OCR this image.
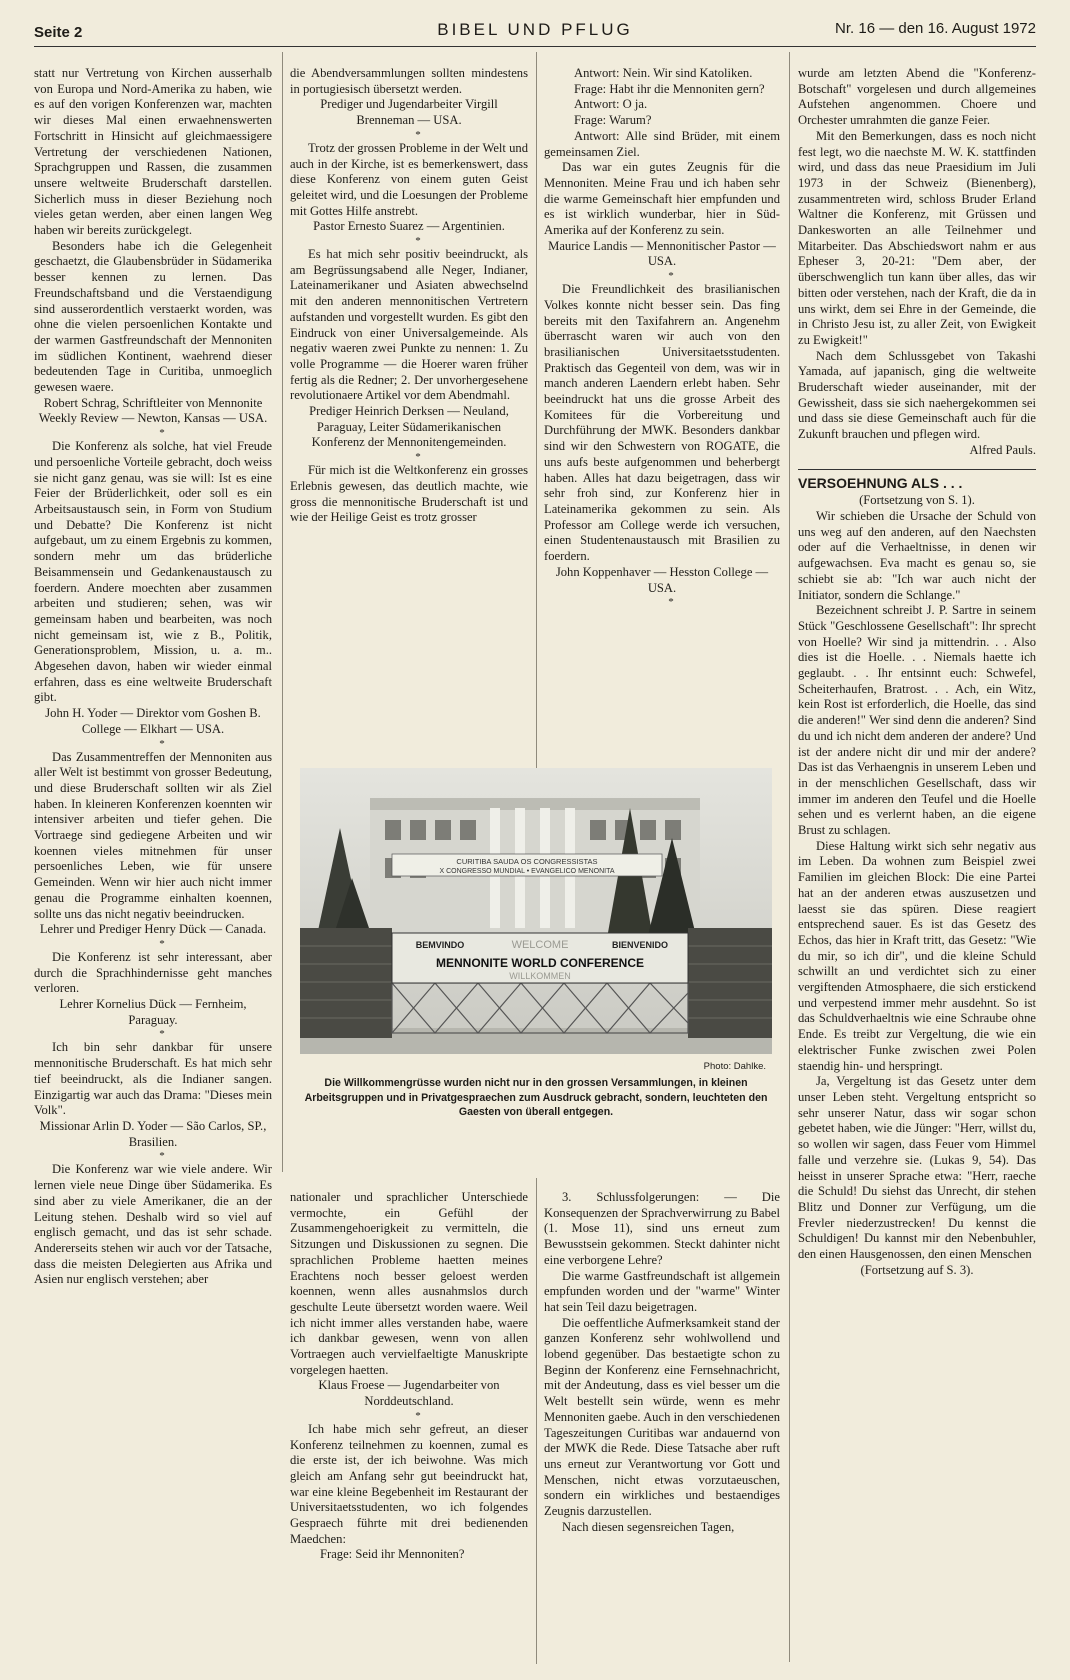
Seite 2	BIBEL UND PFLUG	Nr. 16 — den 16. August 1972

statt nur Vertretung von Kirchen ausserhalb von Europa und Nord-Amerika zu haben, wie es auf den vorigen Konferenzen war, machten wir dieses Mal einen erwaehnenswerten Fortschritt in Hinsicht auf gleichmaessigere Vertretung der verschiedenen Nationen, Sprachgruppen und Rassen, die zusammen unsere weltweite Bruderschaft darstellen. Sicherlich muss in dieser Beziehung noch vieles getan werden, aber einen langen Weg haben wir bereits zurückgelegt.

Besonders habe ich die Gelegenheit geschaetzt, die Glaubensbrüder in Südamerika besser kennen zu lernen. Das Freundschaftsband und die Verstaendigung sind ausserordentlich verstaerkt worden, was ohne die vielen persoenlichen Kontakte und der warmen Gastfreundschaft der Mennoniten im südlichen Kontinent, waehrend dieser bedeutenden Tage in Curitiba, unmoeglich gewesen waere.

Robert Schrag, Schriftleiter von Mennonite Weekly Review — Newton, Kansas — USA.

*

Die Konferenz als solche, hat viel Freude und persoenliche Vorteile gebracht, doch weiss sie nicht ganz genau, was sie will: Ist es eine Feier der Brüderlichkeit, oder soll es ein Arbeitsaustausch sein, in Form von Studium und Debatte? Die Konferenz ist nicht aufgebaut, um zu einem Ergebnis zu kommen, sondern mehr um das brüderliche Beisammensein und Gedankenaustausch zu foerdern. Andere moechten aber zusammen arbeiten und studieren; sehen, was wir gemeinsam haben und bearbeiten, was noch nicht gemeinsam ist, wie z B., Politik, Generationsproblem, Mission, u. a. m.. Abgesehen davon, haben wir wieder einmal erfahren, dass es eine weltweite Bruderschaft gibt.

John H. Yoder — Direktor vom Goshen B. College — Elkhart — USA.

*

Das Zusammentreffen der Mennoniten aus aller Welt ist bestimmt von grosser Bedeutung, und diese Bruderschaft sollten wir als Ziel haben. In kleineren Konferenzen koennten wir intensiver arbeiten und tiefer gehen. Die Vortraege sind gediegene Arbeiten und wir koennen vieles mitnehmen für unser persoenliches Leben, wie für unsere Gemeinden. Wenn wir hier auch nicht immer genau die Programme einhalten koennen, sollte uns das nicht negativ beeindrucken.

Lehrer und Prediger Henry Dück — Canada.

*

Die Konferenz ist sehr interessant, aber durch die Sprachhindernisse geht manches verloren.

Lehrer Kornelius Dück — Fernheim, Paraguay.

*

Ich bin sehr dankbar für unsere mennonitische Bruderschaft. Es hat mich sehr tief beeindruckt, als die Indianer sangen. Einzigartig war auch das Drama: "Dieses mein Volk".

Missionar Arlin D. Yoder — São Carlos, SP., Brasilien.

*

Die Konferenz war wie viele andere. Wir lernen viele neue Dinge über Südamerika. Es sind aber zu viele Amerikaner, die an der Leitung stehen. Deshalb wird so viel auf englisch gemacht, und das ist sehr schade. Andererseits stehen wir auch vor der Tatsache, dass die meisten Delegierten aus Afrika und Asien nur englisch verstehen; aber

die Abendversammlungen sollten mindestens in portugiesisch übersetzt werden.

Prediger und Jugendarbeiter Virgill Brenneman — USA.

*

Trotz der grossen Probleme in der Welt und auch in der Kirche, ist es bemerkenswert, dass diese Konferenz von einem guten Geist geleitet wird, und die Loesungen der Probleme mit Gottes Hilfe anstrebt.

Pastor Ernesto Suarez — Argentinien.

*

Es hat mich sehr positiv beeindruckt, als am Begrüssungsabend alle Neger, Indianer, Lateinamerikaner und Asiaten abwechselnd mit den anderen mennonitischen Vertretern aufstanden und vorgestellt wurden. Es gibt den Eindruck von einer Universalgemeinde. Als negativ waeren zwei Punkte zu nennen: 1. Zu volle Programme — die Hoerer waren früher fertig als die Redner; 2. Der unvorhergesehene revolutionaere Artikel vor dem Abendmahl.

Prediger Heinrich Derksen — Neuland, Paraguay, Leiter Südamerikanischen Konferenz der Mennonitengemeinden.

*

Für mich ist die Weltkonferenz ein grosses Erlebnis gewesen, das deutlich machte, wie gross die mennonitische Bruderschaft ist und wie der Heilige Geist es trotz grosser

Antwort: Nein. Wir sind Katoliken.

Frage: Habt ihr die Mennoniten gern?

Antwort: O ja.

Frage: Warum?

Antwort: Alle sind Brüder, mit einem gemeinsamen Ziel.

Das war ein gutes Zeugnis für die Mennoniten. Meine Frau und ich haben sehr die warme Gemeinschaft hier empfunden und es ist wirklich wunderbar, hier in Süd-Amerika auf der Konferenz zu sein.

Maurice Landis — Mennonitischer Pastor — USA.

*

Die Freundlichkeit des brasilianischen Volkes konnte nicht besser sein. Das fing bereits mit den Taxifahrern an. Angenehm überrascht waren wir auch von den brasilianischen Universitaetsstudenten. Praktisch das Gegenteil von dem, was wir in manch anderen Laendern erlebt haben. Sehr beeindruckt hat uns die grosse Arbeit des Komitees für die Vorbereitung und Durchführung der MWK. Besonders dankbar sind wir den Schwestern von ROGATE, die uns aufs beste aufgenommen und beherbergt haben. Alles hat dazu beigetragen, dass wir sehr froh sind, zur Konferenz hier in Lateinamerika gekommen zu sein. Als Professor am College werde ich versuchen, einen Studentenaustausch mit Brasilien zu foerdern.

John Koppenhaver — Hesston College — USA.

*

wurde am letzten Abend die "Konferenz-Botschaft" vorgelesen und durch allgemeines Aufstehen angenommen. Choere und Orchester umrahmten die ganze Feier.

Mit den Bemerkungen, dass es noch nicht fest legt, wo die naechste M. W. K. stattfinden wird, und dass das neue Praesidium im Juli 1973 in der Schweiz (Bienenberg), zusammentreten wird, schloss Bruder Erland Waltner die Konferenz, mit Grüssen und Dankesworten an alle Teilnehmer und Mitarbeiter. Das Abschiedswort nahm er aus Epheser 3, 20-21: "Dem aber, der überschwenglich tun kann über alles, das wir bitten oder verstehen, nach der Kraft, die da in uns wirkt, dem sei Ehre in der Gemeinde, die in Christo Jesu ist, zu aller Zeit, von Ewigkeit zu Ewigkeit!"

Nach dem Schlussgebet von Takashi Yamada, auf japanisch, ging die weltweite Bruderschaft wieder auseinander, mit der Gewissheit, dass sie sich naehergekommen sei und dass sie diese Gemeinschaft auch für die Zukunft brauchen und pflegen wird.

Alfred Pauls.

VERSOEHNUNG ALS . . .

(Fortsetzung von S. 1).

Wir schieben die Ursache der Schuld von uns weg auf den anderen, auf den Naechsten oder auf die Verhaeltnisse, in denen wir aufgewachsen. Eva macht es genau so, sie schiebt sie ab: "Ich war auch nicht der Initiator, sondern die Schlange."

Bezeichnent schreibt J. P. Sartre in seinem Stück "Geschlossene Gesellschaft": Ihr sprecht von Hoelle? Wir sind ja mittendrin. . . Also dies ist die Hoelle. . . Niemals haette ich geglaubt. . . Ihr entsinnt euch: Schwefel, Scheiterhaufen, Bratrost. . . Ach, ein Witz, kein Rost ist erforderlich, die Hoelle, das sind die anderen!" Wer sind denn die anderen? Sind du und ich nicht dem anderen der andere? Und ist der andere nicht dir und mir der andere? Das ist das Verhaengnis in unserem Leben und in der menschlichen Gesellschaft, dass wir immer im anderen den Teufel und die Hoelle sehen und es verlernt haben, an die eigene Brust zu schlagen.

Diese Haltung wirkt sich sehr negativ aus im Leben. Da wohnen zum Beispiel zwei Familien im gleichen Block: Die eine Partei hat an der anderen etwas auszusetzen und laesst sie das spüren. Diese reagiert entsprechend sauer. Es ist das Gesetz des Echos, das hier in Kraft tritt, das Gesetz: "Wie du mir, so ich dir", und die kleine Schuld schwillt an und verdichtet sich zu einer vergiftenden Atmosphaere, die sich erstickend und verpestend immer mehr ausdehnt. So ist das Schuldverhaeltnis wie eine Schraube ohne Ende. Es treibt zur Vergeltung, die wie ein elektrischer Funke zwischen zwei Polen staendig hin- und herspringt.

Ja, Vergeltung ist das Gesetz unter dem unser Leben steht. Vergeltung entspricht so sehr unserer Natur, dass wir sogar schon gebetet haben, wie die Jünger: "Herr, willst du, so wollen wir sagen, dass Feuer vom Himmel falle und verzehre sie. (Lukas 9, 54). Das heisst in unserer Sprache etwa: "Herr, raeche die Schuld! Du siehst das Unrecht, dir stehen Blitz und Donner zur Verfügung, um die Frevler niederzustrecken! Du kennst die Schuldigen! Du kannst mir den Nebenbuhler, den einen Hausgenossen, den einen Menschen

(Fortsetzung auf S. 3).

CURITIBA SAUDA OS CONGRESSISTAS
X CONGRESSO MUNDIAL • EVANGELICO MENONITA
BEMVINDO	WELCOME	BIENVENIDO
MENNONITE WORLD CONFERENCE
WILLKOMMEN
Photo: Dahlke.
Die Willkommengrüsse wurden nicht nur in den grossen Versammlungen, in kleinen Arbeitsgruppen und in Privatgespraechen zum Ausdruck gebracht, sondern, leuchteten den Gaesten von überall entgegen.

nationaler und sprachlicher Unterschiede vermochte, ein Gefühl der Zusammengehoerigkeit zu vermitteln, die Sitzungen und Diskussionen zu segnen. Die sprachlichen Probleme haetten meines Erachtens noch besser geloest werden koennen, wenn alles ausnahmslos durch geschulte Leute übersetzt worden waere. Weil ich nicht immer alles verstanden habe, waere ich dankbar gewesen, wenn von allen Vortraegen auch vervielfaeltigte Manuskripte vorgelegen haetten.

Klaus Froese — Jugendarbeiter von Norddeutschland.

*

Ich habe mich sehr gefreut, an dieser Konferenz teilnehmen zu koennen, zumal es die erste ist, der ich beiwohne. Was mich gleich am Anfang sehr gut beeindruckt hat, war eine kleine Begebenheit im Restaurant der Universitaetsstudenten, wo ich folgendes Gespraech führte mit drei bedienenden Maedchen:

Frage: Seid ihr Mennoniten?

3. Schlussfolgerungen: — Die Konsequenzen der Sprachverwirrung zu Babel (1. Mose 11), sind uns erneut zum Bewusstsein gekommen. Steckt dahinter nicht eine verborgene Lehre?

Die warme Gastfreundschaft ist allgemein empfunden worden und der "warme" Winter hat sein Teil dazu beigetragen.

Die oeffentliche Aufmerksamkeit stand der ganzen Konferenz sehr wohlwollend und lobend gegenüber. Das bestaetigte schon zu Beginn der Konferenz eine Fernsehnachricht, mit der Andeutung, dass es viel besser um die Welt bestellt sein würde, wenn es mehr Mennoniten gaebe. Auch in den verschiedenen Tageszeitungen Curitibas war andauernd von der MWK die Rede. Diese Tatsache aber ruft uns erneut zur Verantwortung vor Gott und Menschen, nicht etwas vorzutaeuschen, sondern ein wirkliches und bestaendiges Zeugnis darzustellen.

Nach diesen segensreichen Tagen,
